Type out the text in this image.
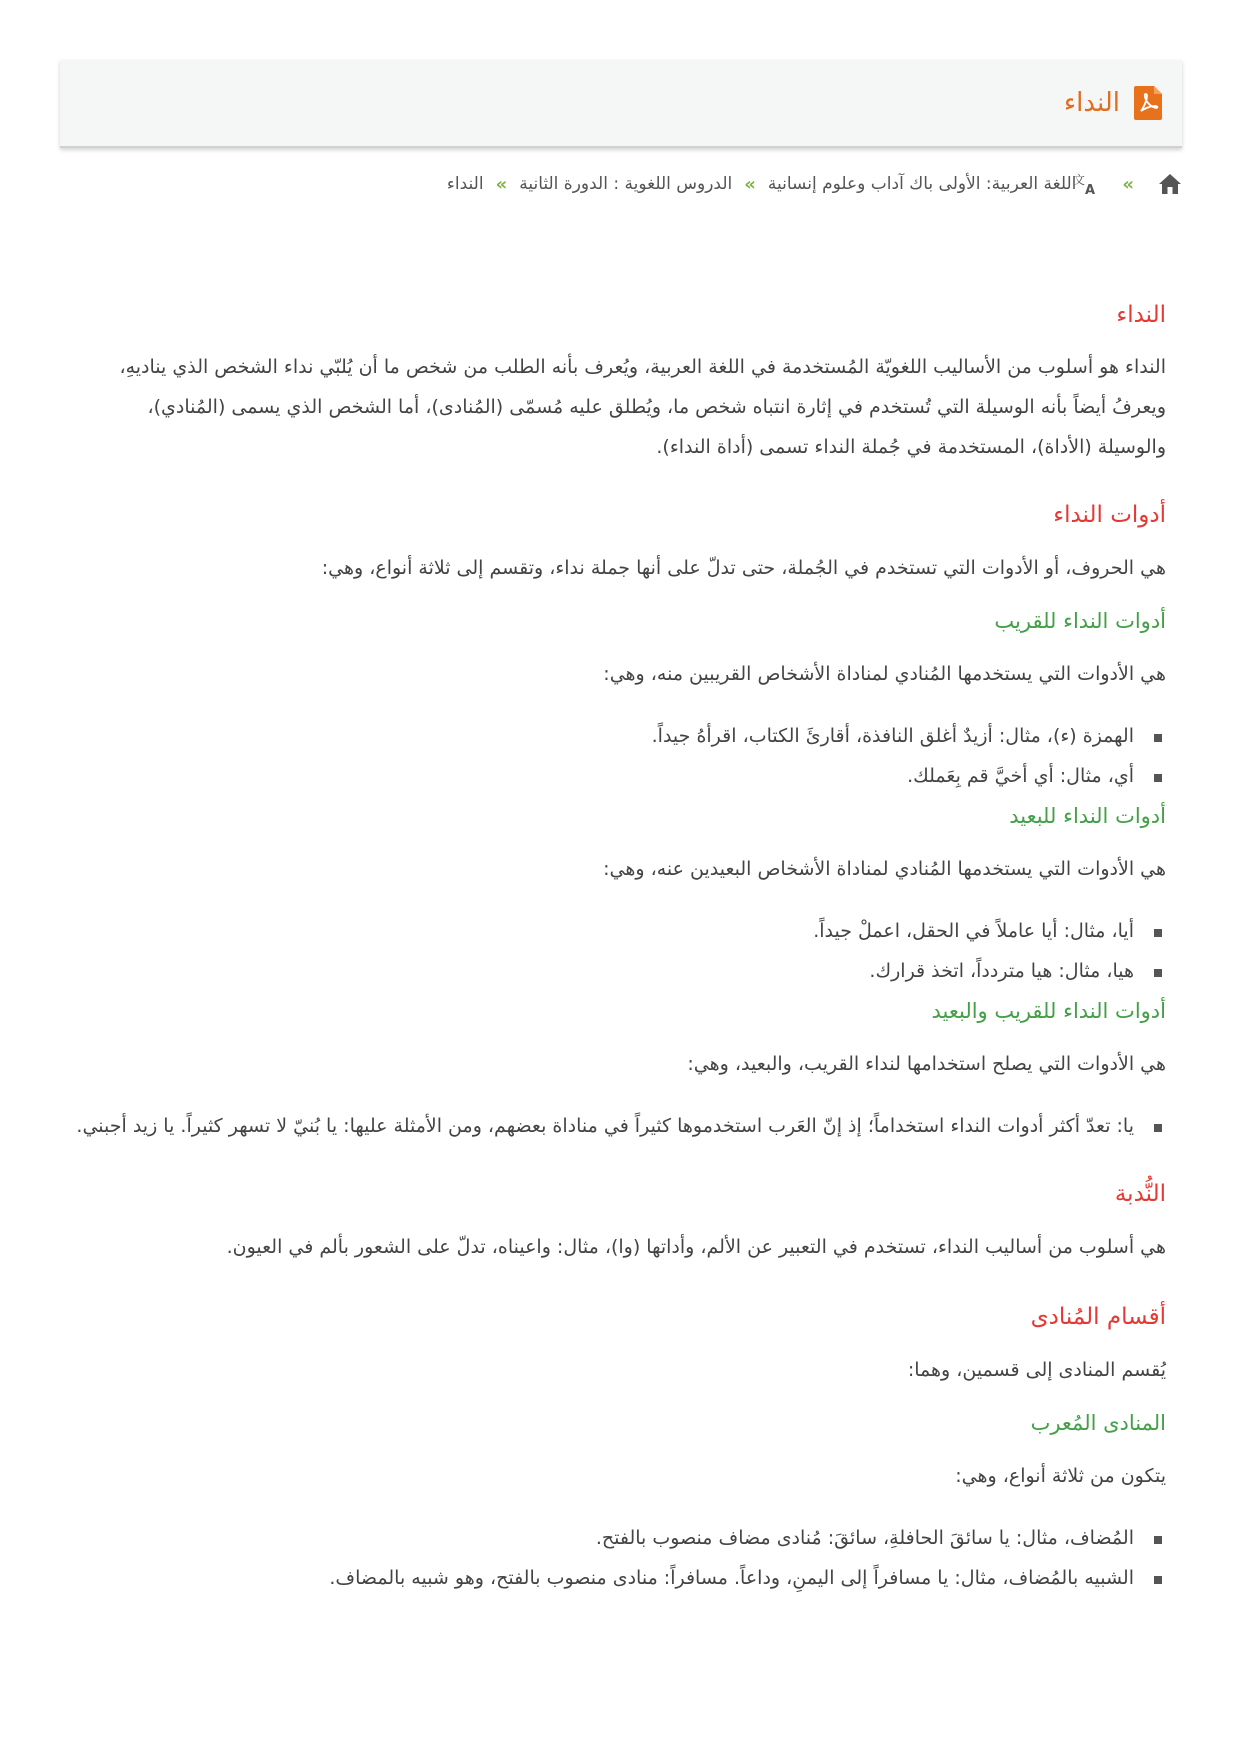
النداء
»
文
A
اللغة العربية: الأولى باك آداب وعلوم إنسانية
»
الدروس اللغوية : الدورة الثانية
»
النداء
النداء

النداء هو أسلوب من الأساليب اللغويّة المُستخدمة في اللغة العربية، ويُعرف بأنه الطلب من شخص ما أن يُلبّي نداء الشخص الذي يناديهِ، ويعرفُ أيضاً بأنه الوسيلة التي تُستخدم في إثارة انتباه شخص ما، ويُطلق عليه مُسمّى (المُنادى)، أما الشخص الذي يسمى (المُنادي)، والوسيلة (الأداة)، المستخدمة في جُملة النداء تسمى (أداة النداء).

أدوات النداء

هي الحروف، أو الأدوات التي تستخدم في الجُملة، حتى تدلّ على أنها جملة نداء، وتقسم إلى ثلاثة أنواع، وهي:

أدوات النداء للقريب

هي الأدوات التي يستخدمها المُنادي لمناداة الأشخاص القريبين منه، وهي:

الهمزة (ء)، مثال: أزيدٌ أغلق النافذة، أقارئَ الكتاب، اقرأهُ جيداً.
أي، مثال: أي أخيَّ قم بِعَملك.
أدوات النداء للبعيد

هي الأدوات التي يستخدمها المُنادي لمناداة الأشخاص البعيدين عنه، وهي:

أيا، مثال: أيا عاملاً في الحقل، اعملْ جيداً.
هيا، مثال: هيا متردداً، اتخذ قرارك.
أدوات النداء للقريب والبعيد

هي الأدوات التي يصلح استخدامها لنداء القريب، والبعيد، وهي:

يا: تعدّ أكثر أدوات النداء استخداماً؛ إذ إنّ العَرب استخدموها كثيراً في مناداة بعضهم، ومن الأمثلة عليها: يا بُنيّ لا تسهر كثيراً. يا زيد أجبني.
النُّدبة

هي أسلوب من أساليب النداء، تستخدم في التعبير عن الألم، وأداتها (وا)، مثال: واعيناه، تدلّ على الشعور بألم في العيون.

أقسام المُنادى

يُقسم المنادى إلى قسمين، وهما:

المنادى المُعرب

يتكون من ثلاثة أنواع، وهي:

المُضاف، مثال: يا سائقَ الحافلةِ، سائقَ: مُنادى مضاف منصوب بالفتح.
الشبيه بالمُضاف، مثال: يا مسافراً إلى اليمنِ، وداعاً. مسافراً: منادى منصوب بالفتح، وهو شبيه بالمضاف.
